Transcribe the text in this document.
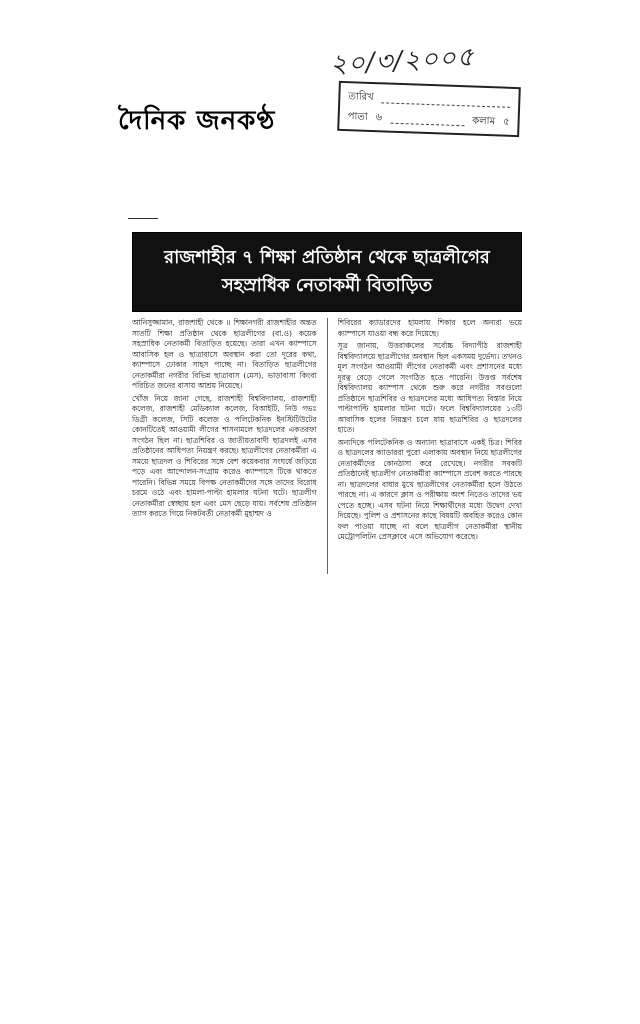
২০/৩/২০০৫
দৈনিক জনকণ্ঠ
তারিখ
পাতা ৬	কলাম ৫
রাজশাহীর ৭ শিক্ষা প্রতিষ্ঠান থেকে ছাত্রলীগের
সহস্রাধিক নেতাকর্মী বিতাড়িত

আনিসুজ্জামান, রাজশাহী থেকে ॥ শিক্ষানগরী রাজশাহীর অন্তত সাতটি শিক্ষা প্রতিষ্ঠান থেকে ছাত্রলীগের (বা.ও) কয়েক সহস্রাধিক নেতাকর্মী বিতাড়িত হয়েছে। তারা এখন ক্যাম্পাসে আবাসিক হল ও ছাত্রাবাসে অবস্থান করা তো দূরের কথা, ক্যাম্পাসে ঢোকার সাহস পাচ্ছে না। বিতাড়িত ছাত্রলীগের নেতাকর্মীরা নগরীর বিভিন্ন ছাত্রাবাস (মেস), ভাড়াবাসা কিংবা পরিচিত জনের বাসায় আশ্রয় নিয়েছে।

খোঁজ নিয়ে জানা গেছে, রাজশাহী বিশ্ববিদ্যালয়, রাজশাহী কলেজ, রাজশাহী মেডিক্যাল কলেজ, বিআইটি, নিউ গভঃ ডিগ্রী কলেজ, সিটি কলেজ ও পলিটেকনিক ইনস্টিটিউটের কোনটিতেই আওয়ামী লীগের শাসনামলে ছাত্রদলের একতরফা সংগঠন ছিল না। ছাত্রশিবির ও জাতীয়তাবাদী ছাত্রদলই এসব প্রতিষ্ঠানের আধিপত্য নিয়ন্ত্রণ করছে। ছাত্রলীগের নেতাকর্মীরা এ সময়ে ছাত্রদল ও শিবিরের সঙ্গে বেশ কয়েকবার সংঘর্ষে জড়িয়ে পড়ে এবং আন্দোলন-সংগ্রাম করেও ক্যাম্পাসে টিকে থাকতে পারেনি। বিভিন্ন সময়ে বিপক্ষ নেতাকর্মীদের সঙ্গে তাদের বিরোধ চরমে ওঠে এবং হামলা-পাল্টা হামলার ঘটনা ঘটে। ছাত্রলীগ নেতাকর্মীরা স্বেচ্ছায় হল এবং মেস ছেড়ে যায়। সর্বশেষ প্রতিষ্ঠান ত্যাগ করতে গিয়ে নিকটবর্তী নেতাকর্মী মুহাম্মদ ও

শিবিরের ক্যাডারদের হামলায় শিকার হলে অন্যরা ভয়ে ক্যাম্পাসে যাওয়া বন্ধ করে দিয়েছে।

সূত্র জানায়, উত্তরাঞ্চলের সর্বোচ্চ বিদ্যাপীঠ রাজশাহী বিশ্ববিদ্যালয়ে ছাত্রলীগের অবস্থান ছিল একসময় দুর্ভেদ্য। তখনও মূল সংগঠন আওয়ামী লীগের নেতাকর্মী এবং প্রশাসনের মধ্যে দূরত্ব বেড়ে গেলে সংগঠিত হতে পারেনি। উত্তপ্ত সর্বশেষ বিশ্ববিদ্যালয় ক্যাম্পাস থেকে শুরু করে নগরীর সবগুলো প্রতিষ্ঠানে ছাত্রশিবির ও ছাত্রদলের মধ্যে আধিপত্য বিস্তার নিয়ে পাল্টাপাল্টি হামলার ঘটনা ঘটে। ফলে বিশ্ববিদ্যালয়ের ১৩টি আবাসিক হলের নিয়ন্ত্রণ চলে যায় ছাত্রশিবির ও ছাত্রদলের হাতে।

অন্যদিকে পলিটেকনিক ও অন্যান্য ছাত্রাবাসে একই চিত্র। শিবির ও ছাত্রদলের ক্যাডাররা পুরো এলাকায় অবস্থান নিয়ে ছাত্রলীগের নেতাকর্মীদের কোনঠাসা করে রেখেছে। নগরীর সবকটি প্রতিষ্ঠানেই ছাত্রলীগ নেতাকর্মীরা ক্যাম্পাসে প্রবেশ করতে পারছে না। ছাত্রদলের বাধার মুখে ছাত্রলীগের নেতাকর্মীরা হলে উঠতে পারছে না। এ কারণে ক্লাস ও পরীক্ষায় অংশ নিতেও তাদের ভয় পেতে হচ্ছে। এসব ঘটনা নিয়ে শিক্ষার্থীদের মধ্যে উদ্বেগ দেখা দিয়েছে। পুলিশ ও প্রশাসনের কাছে বিষয়টি অবহিত করেও কোন ফল পাওয়া যাচ্ছে না বলে ছাত্রলীগ নেতাকর্মীরা স্থানীয় মেট্রোপলিটন প্রেসক্লাবে এসে অভিযোগ করেছে।
